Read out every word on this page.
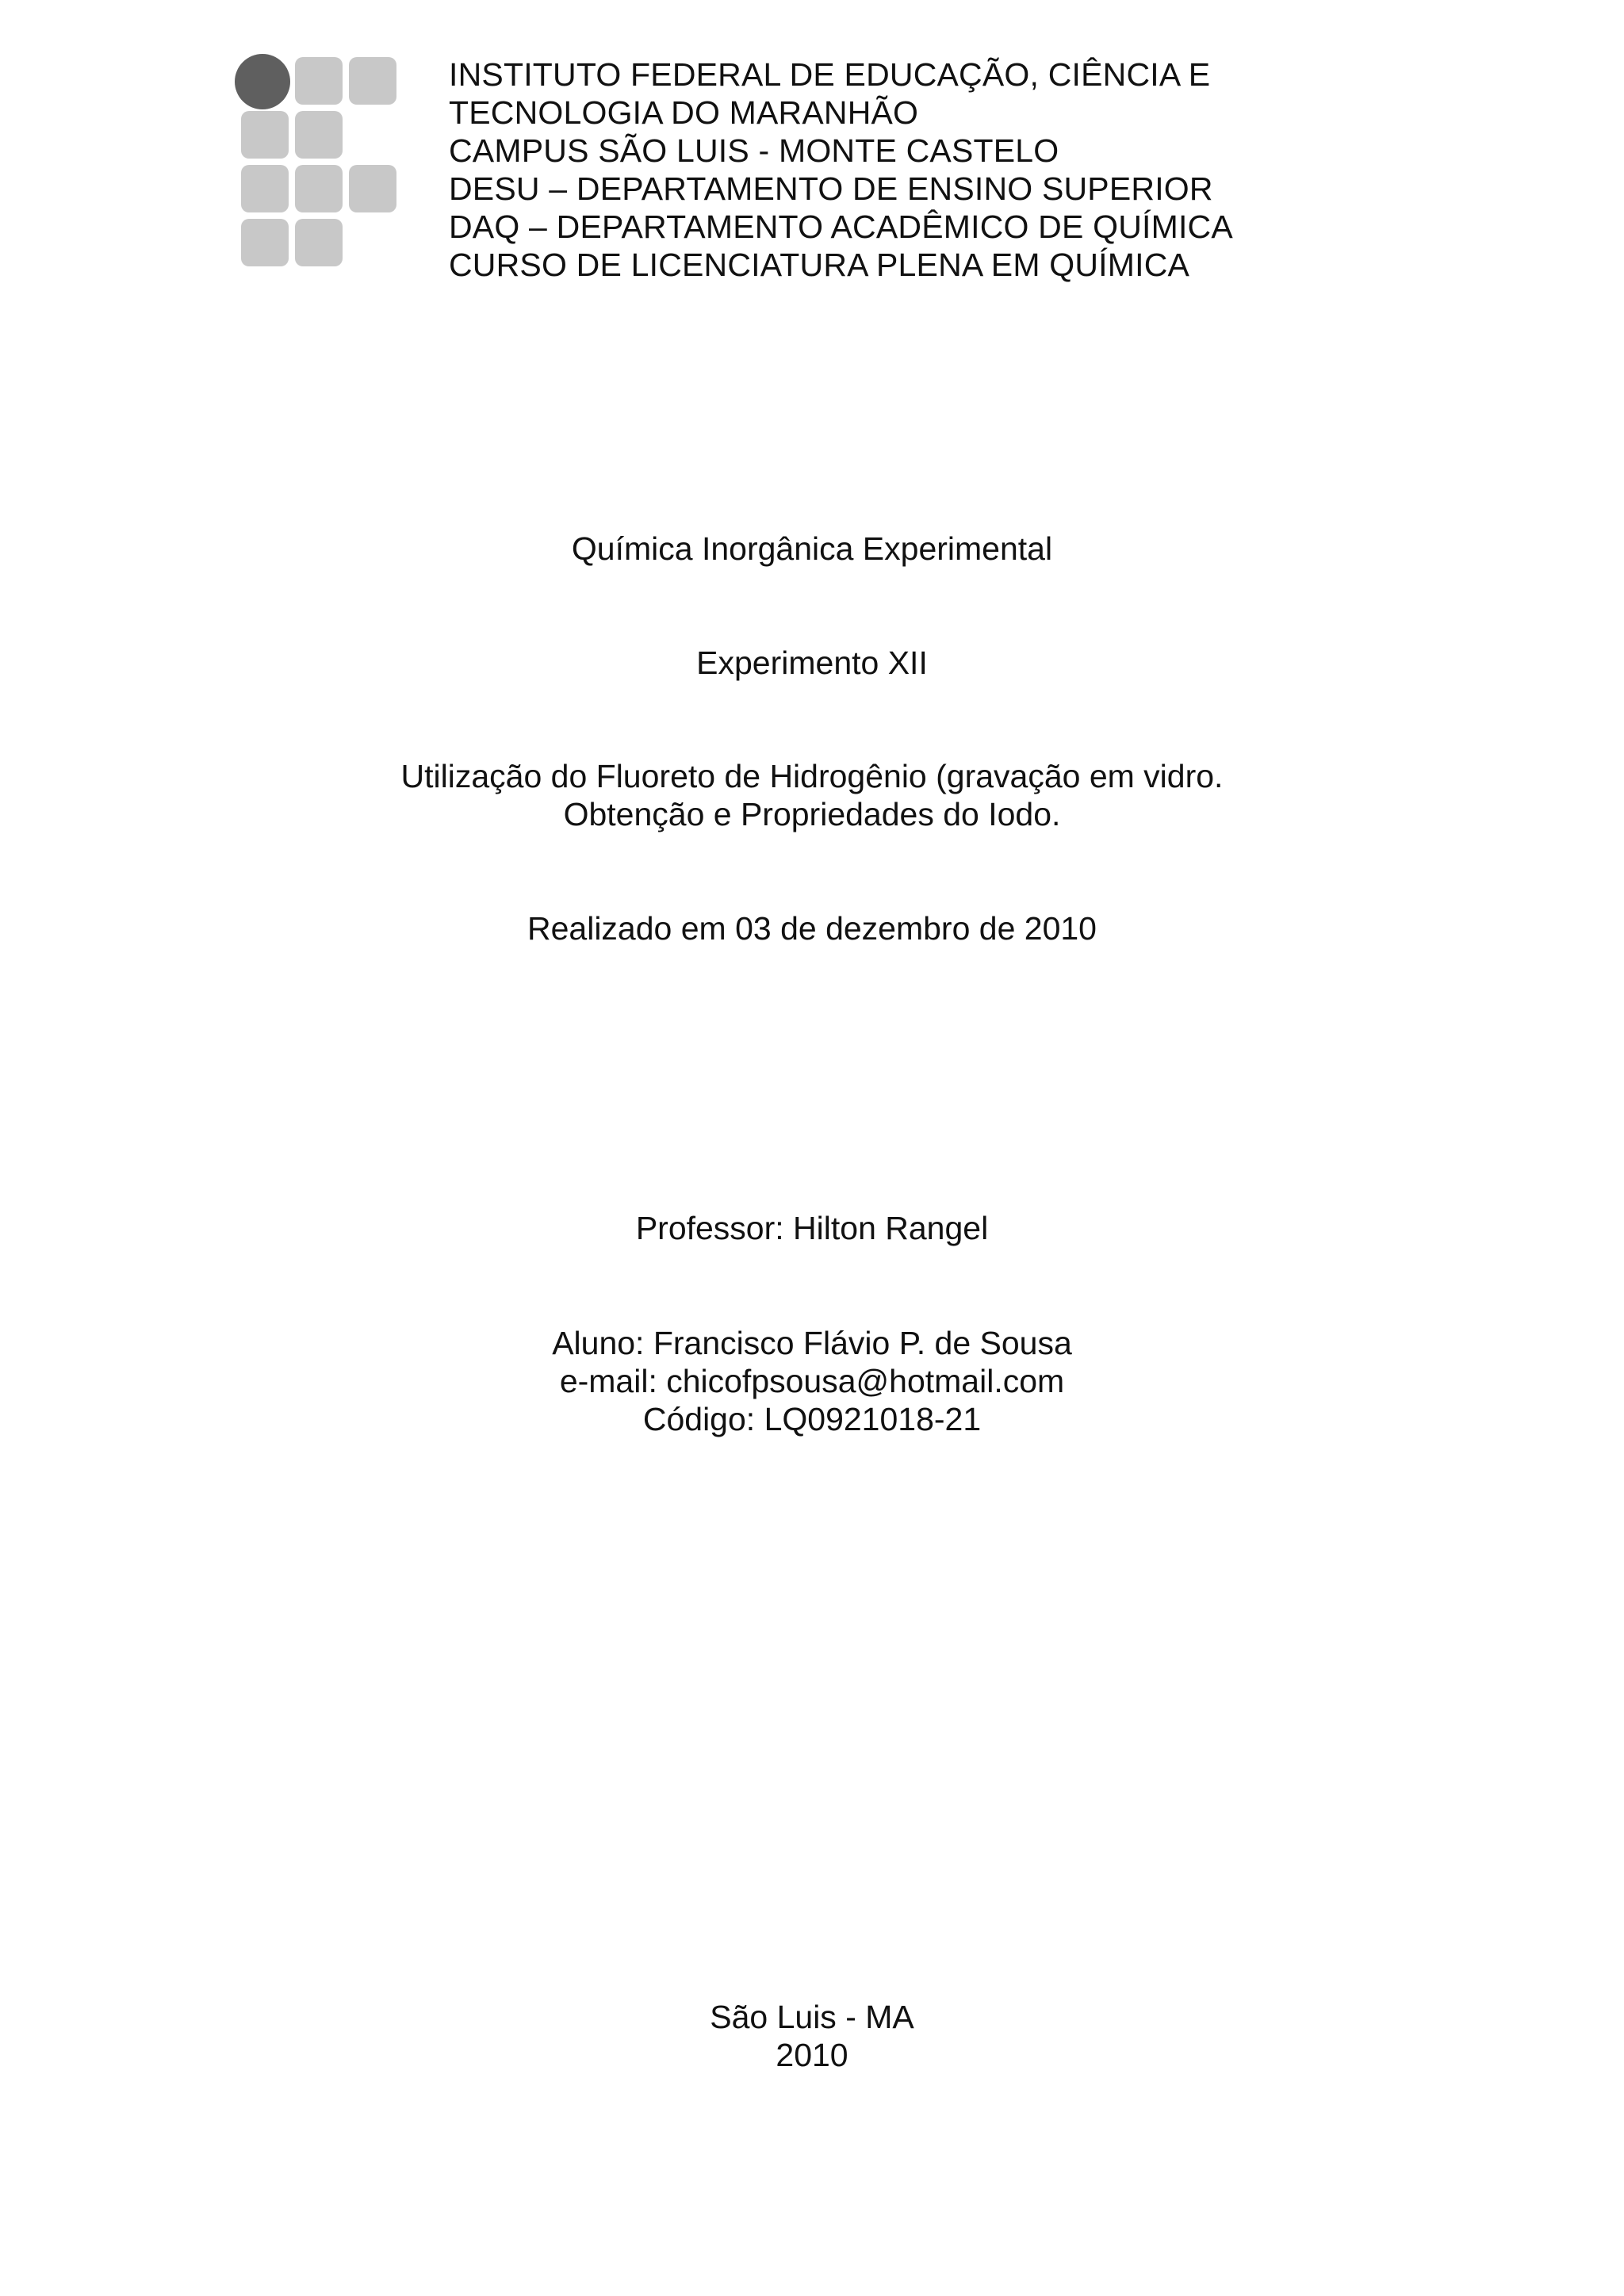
INSTITUTO FEDERAL DE EDUCAÇÃO, CIÊNCIA E
TECNOLOGIA DO MARANHÃO
CAMPUS SÃO LUIS - MONTE CASTELO
DESU – DEPARTAMENTO DE ENSINO SUPERIOR
DAQ – DEPARTAMENTO ACADÊMICO DE QUÍMICA
CURSO DE LICENCIATURA PLENA EM QUÍMICA
Química Inorgânica Experimental
Experimento XII
Utilização do Fluoreto de Hidrogênio (gravação em vidro.
Obtenção e Propriedades do Iodo.
Realizado em 03 de dezembro de 2010
Professor: Hilton Rangel
Aluno: Francisco Flávio P. de Sousa
e-mail: chicofpsousa@hotmail.com
Código: LQ0921018-21
São Luis - MA
2010
